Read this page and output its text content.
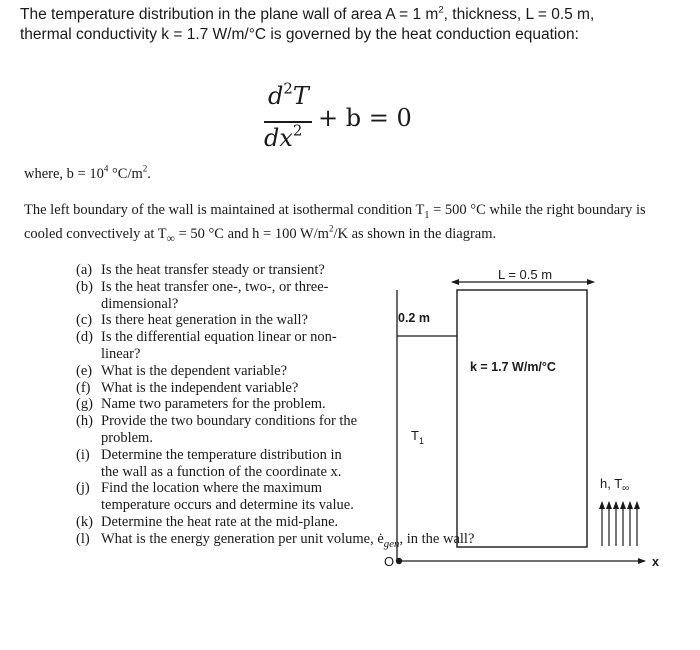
The temperature distribution in the plane wall of area A = 1 $m^2$, thickness, L = 0.5 m,
thermal conductivity k = 1.7 W/m/°C is governed by the heat conduction equation:
$d^2T$
$dx^2 + b = 0$
where, $b = 10^4$ $^\circ C/m^2$.
The left boundary of the wall is maintained at isothermal condition $T_1 = 500$ °C while the right boundary is cooled convectively at $T_\infty = 50$ °C and h = 100 $W/m^2/K$ as shown in the diagram.
(a) Is the heat transfer steady or transient?
(b) Is the heat transfer one-, two-, or three-dimensional?
(c) Is there heat generation in the wall?
(d) Is the differential equation linear or non-linear?
(e) What is the dependent variable?
(f) What is the independent variable?
(g) Name two parameters for the problem.
(h) Provide the two boundary conditions for the problem.
(i) Determine the temperature distribution in the wall as a function of the coordinate x.
(j) Find the location where the maximum temperature occurs and determine its value.
(k) Determine the heat rate at the mid-plane.
(l) What is the energy generation per unit volume, $ė_{gen}$, in the wall?
L = 0.5 m
0.2 m
k = 1.7 W/m/°C
$T_1$
h, $T_\infty$
O	x
